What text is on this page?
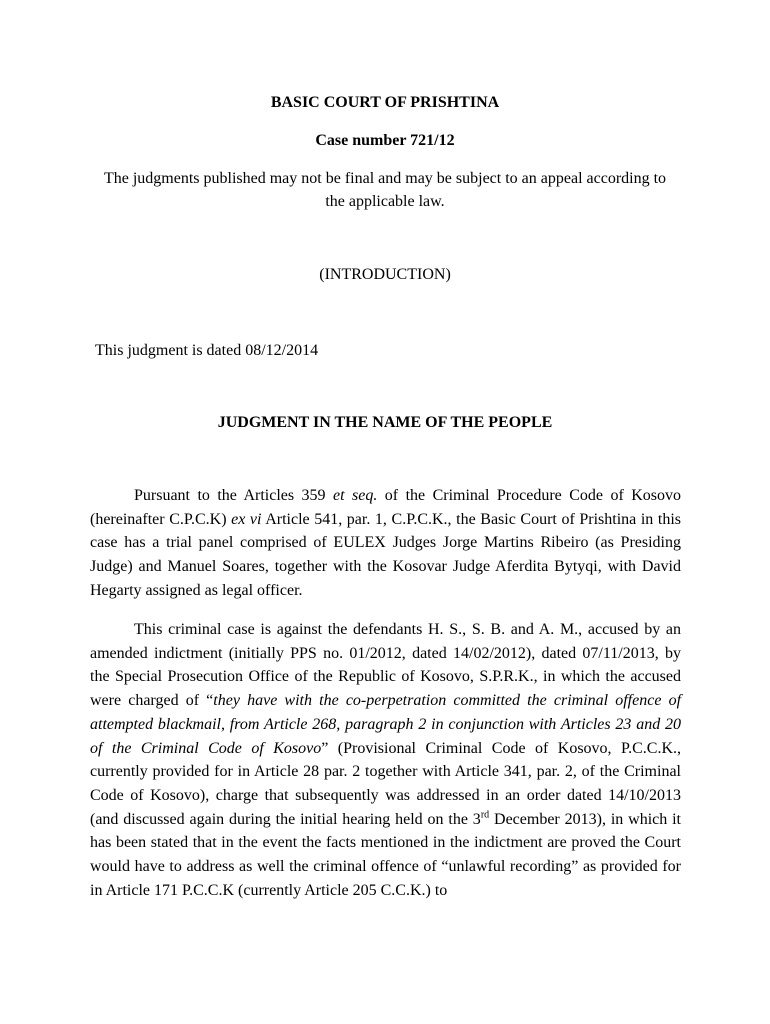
BASIC COURT OF PRISHTINA
Case number 721/12
The judgments published may not be final and may be subject to an appeal according to the applicable law.
(INTRODUCTION)
This judgment is dated 08/12/2014
JUDGMENT IN THE NAME OF THE PEOPLE

Pursuant to the Articles 359 et seq. of the Criminal Procedure Code of Kosovo (hereinafter C.P.C.K) ex vi Article 541, par. 1, C.P.C.K., the Basic Court of Prishtina in this case has a trial panel comprised of EULEX Judges Jorge Martins Ribeiro (as Presiding Judge) and Manuel Soares, together with the Kosovar Judge Aferdita Bytyqi, with David Hegarty assigned as legal officer.

This criminal case is against the defendants H. S., S. B. and A. M., accused by an amended indictment (initially PPS no. 01/2012, dated 14/02/2012), dated 07/11/2013, by the Special Prosecution Office of the Republic of Kosovo, S.P.R.K., in which the accused were charged of “they have with the co-perpetration committed the criminal offence of attempted blackmail, from Article 268, paragraph 2 in conjunction with Articles 23 and 20 of the Criminal Code of Kosovo” (Provisional Criminal Code of Kosovo, P.C.C.K., currently provided for in Article 28 par. 2 together with Article 341, par. 2, of the Criminal Code of Kosovo), charge that subsequently was addressed in an order dated 14/10/2013 (and discussed again during the initial hearing held on the 3rd December 2013), in which it has been stated that in the event the facts mentioned in the indictment are proved the Court would have to address as well the criminal offence of “unlawful recording” as provided for in Article 171 P.C.C.K (currently Article 205 C.C.K.) to
